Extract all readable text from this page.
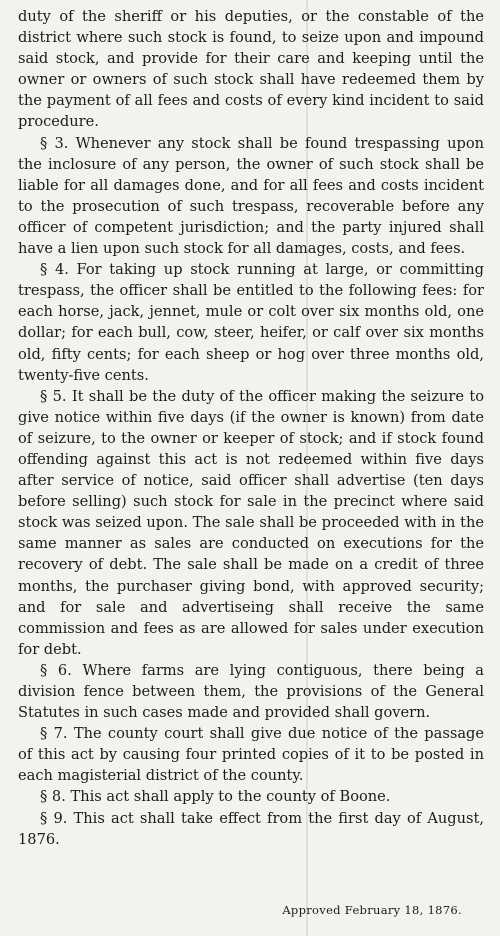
duty of the sheriff or his deputies, or the constable of the district where such stock is found, to seize upon and impound said stock, and provide for their care and keeping until the owner or owners of such stock shall have redeemed them by the payment of all fees and costs of every kind incident to said procedure.

§ 3. Whenever any stock shall be found trespassing upon the inclosure of any person, the owner of such stock shall be liable for all damages done, and for all fees and costs incident to the prosecution of such trespass, recoverable before any officer of competent jurisdiction; and the party injured shall have a lien upon such stock for all damages, costs, and fees.

§ 4. For taking up stock running at large, or committing trespass, the officer shall be entitled to the following fees: for each horse, jack, jennet, mule or colt over six months old, one dollar; for each bull, cow, steer, heifer, or calf over six months old, fifty cents; for each sheep or hog over three months old, twenty-five cents.

§ 5. It shall be the duty of the officer making the seizure to give notice within five days (if the owner is known) from date of seizure, to the owner or keeper of stock; and if stock found offending against this act is not redeemed within five days after service of notice, said officer shall advertise (ten days before selling) such stock for sale in the precinct where said stock was seized upon. The sale shall be proceeded with in the same manner as sales are conducted on executions for the recovery of debt. The sale shall be made on a credit of three months, the purchaser giving bond, with approved security; and for sale and advertiseing shall receive the same commission and fees as are allowed for sales under execution for debt.

§ 6. Where farms are lying contiguous, there being a division fence between them, the provisions of the General Statutes in such cases made and provided shall govern.

§ 7. The county court shall give due notice of the passage of this act by causing four printed copies of it to be posted in each magisterial district of the county.

§ 8. This act shall apply to the county of Boone.

§ 9. This act shall take effect from the first day of August, 1876.

Approved February 18, 1876.
